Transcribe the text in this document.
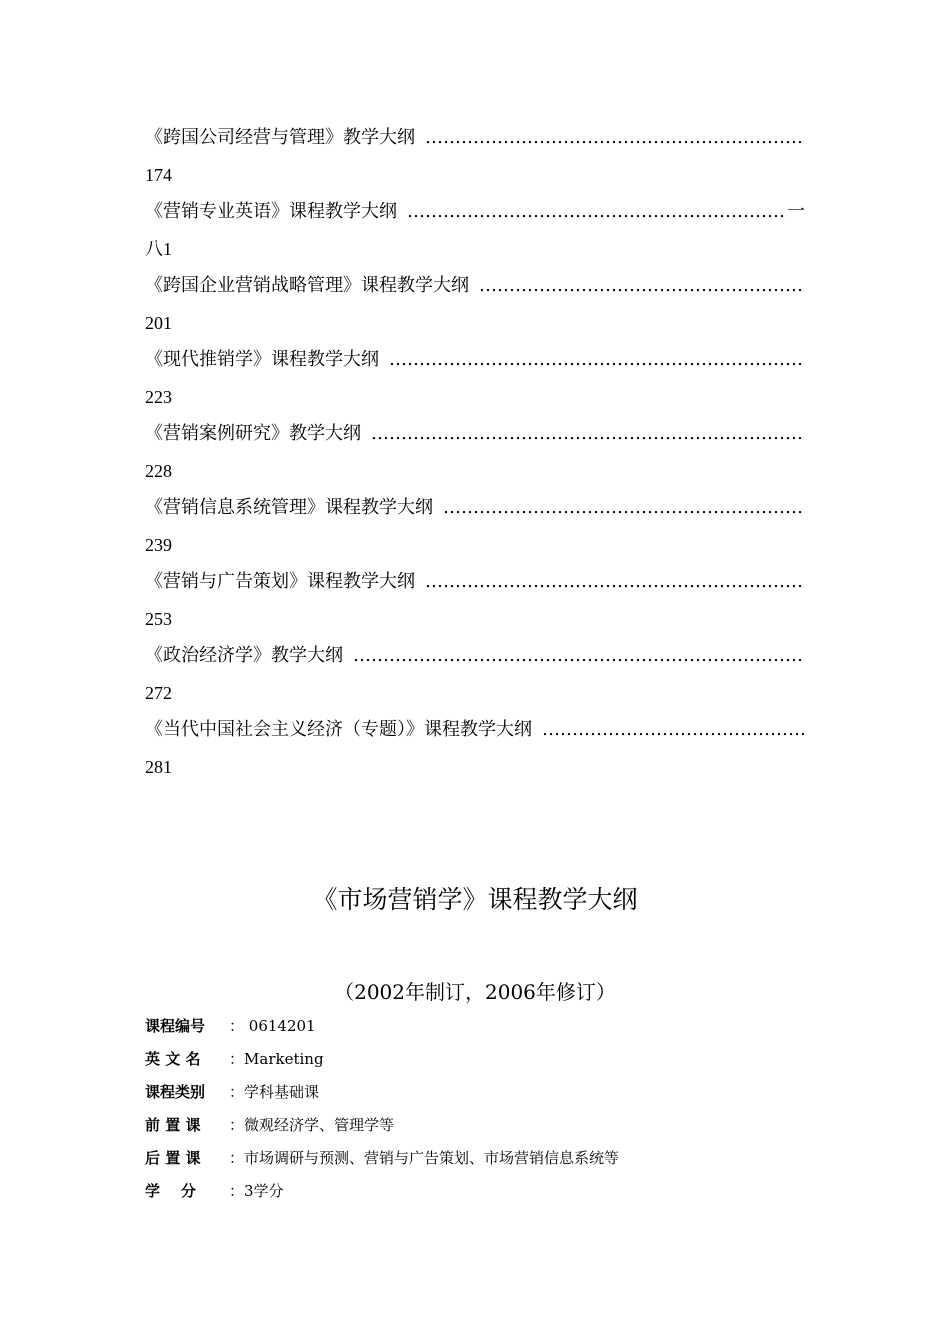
《跨国公司经营与管理》教学大纲
…………………………………………………………………………………………………………………………………………
174
《营销专业英语》课程教学大纲
…………………………………………………………………………………………………………………………………………	一
八1
《跨国企业营销战略管理》课程教学大纲
…………………………………………………………………………………………………………………………………………
201
《现代推销学》课程教学大纲
…………………………………………………………………………………………………………………………………………
223
《营销案例研究》教学大纲
…………………………………………………………………………………………………………………………………………
228
《营销信息系统管理》课程教学大纲
…………………………………………………………………………………………………………………………………………
239
《营销与广告策划》课程教学大纲
…………………………………………………………………………………………………………………………………………
253
《政治经济学》教学大纲
…………………………………………………………………………………………………………………………………………
272
《当代中国社会主义经济（专题）》课程教学大纲
…………………………………………………………………………………………………………………………………………
281
《市场营销学》课程教学大纲
（2002年制订，2006年修订）
课程编号 ： 0614201
英 文 名 ：Marketing
课程类别 ：学科基础课
前 置 课 ：微观经济学、管理学等
后 置 课 ：市场调研与预测、营销与广告策划、市场营销信息系统等
学    分 ：3学分
